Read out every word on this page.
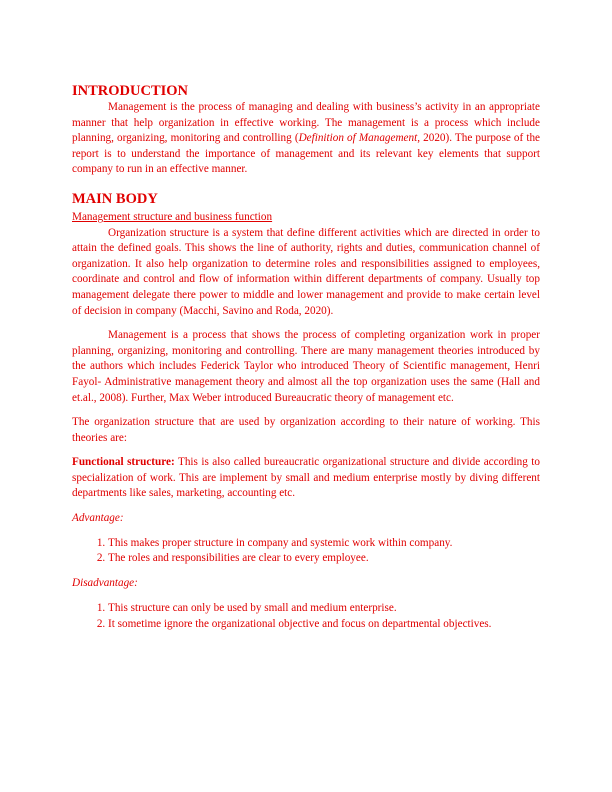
INTRODUCTION

Management is the process of managing and dealing with business’s activity in an appropriate manner that help organization in effective working. The management is a process which include planning, organizing, monitoring and controlling (Definition of Management, 2020). The purpose of the report is to understand the importance of management and its relevant key elements that support company to run in an effective manner.

MAIN BODY
Management structure and business function

Organization structure is a system that define different activities which are directed in order to attain the defined goals. This shows the line of authority, rights and duties, communication channel of organization. It also help organization to determine roles and responsibilities assigned to employees, coordinate and control and flow of information within different departments of company. Usually top management delegate there power to middle and lower management and provide to make certain level of decision in company (Macchi, Savino and Roda, 2020).

Management is a process that shows the process of completing organization work in proper planning, organizing, monitoring and controlling. There are many management theories introduced by the authors which includes Federick Taylor who introduced Theory of Scientific management, Henri Fayol- Administrative management theory and almost all the top organization uses the same (Hall and et.al., 2008). Further, Max Weber introduced Bureaucratic theory of management etc.

The organization structure that are used by organization according to their nature of working. This theories are:

Functional structure: This is also called bureaucratic organizational structure and divide according to specialization of work. This are implement by small and medium enterprise mostly by diving different departments like sales, marketing, accounting etc.

Advantage:

1. This makes proper structure in company and systemic work within company.
2. The roles and responsibilities are clear to every employee.

Disadvantage:

1. This structure can only be used by small and medium enterprise.
2. It sometime ignore the organizational objective and focus on departmental objectives.
